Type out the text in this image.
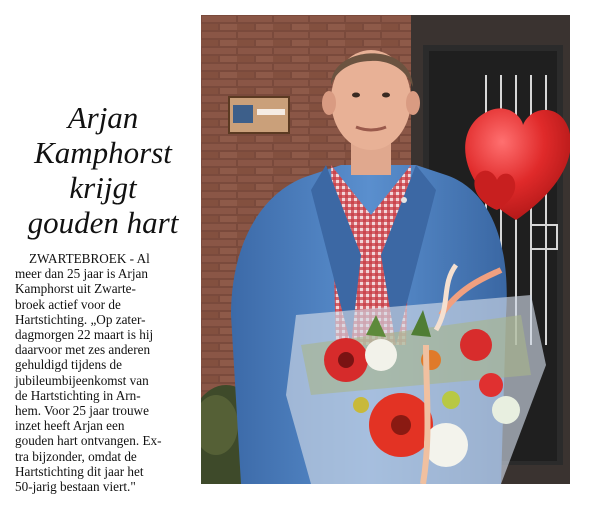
Arjan
Kamphorst
krijgt
gouden hart
ZWARTEBROEK - Al
meer dan 25 jaar is Arjan
Kamphorst uit Zwarte-
broek actief voor de
Hartstichting. „Op zater-
dagmorgen 22 maart is hij
daarvoor met zes anderen
gehuldigd tijdens de
jubileumbijeenkomst van
de Hartstichting in Arn-
hem. Voor 25 jaar trouwe
inzet heeft Arjan een
gouden hart ontvangen. Ex-
tra bijzonder, omdat de
Hartstichting dit jaar het
50-jarig bestaan viert."
